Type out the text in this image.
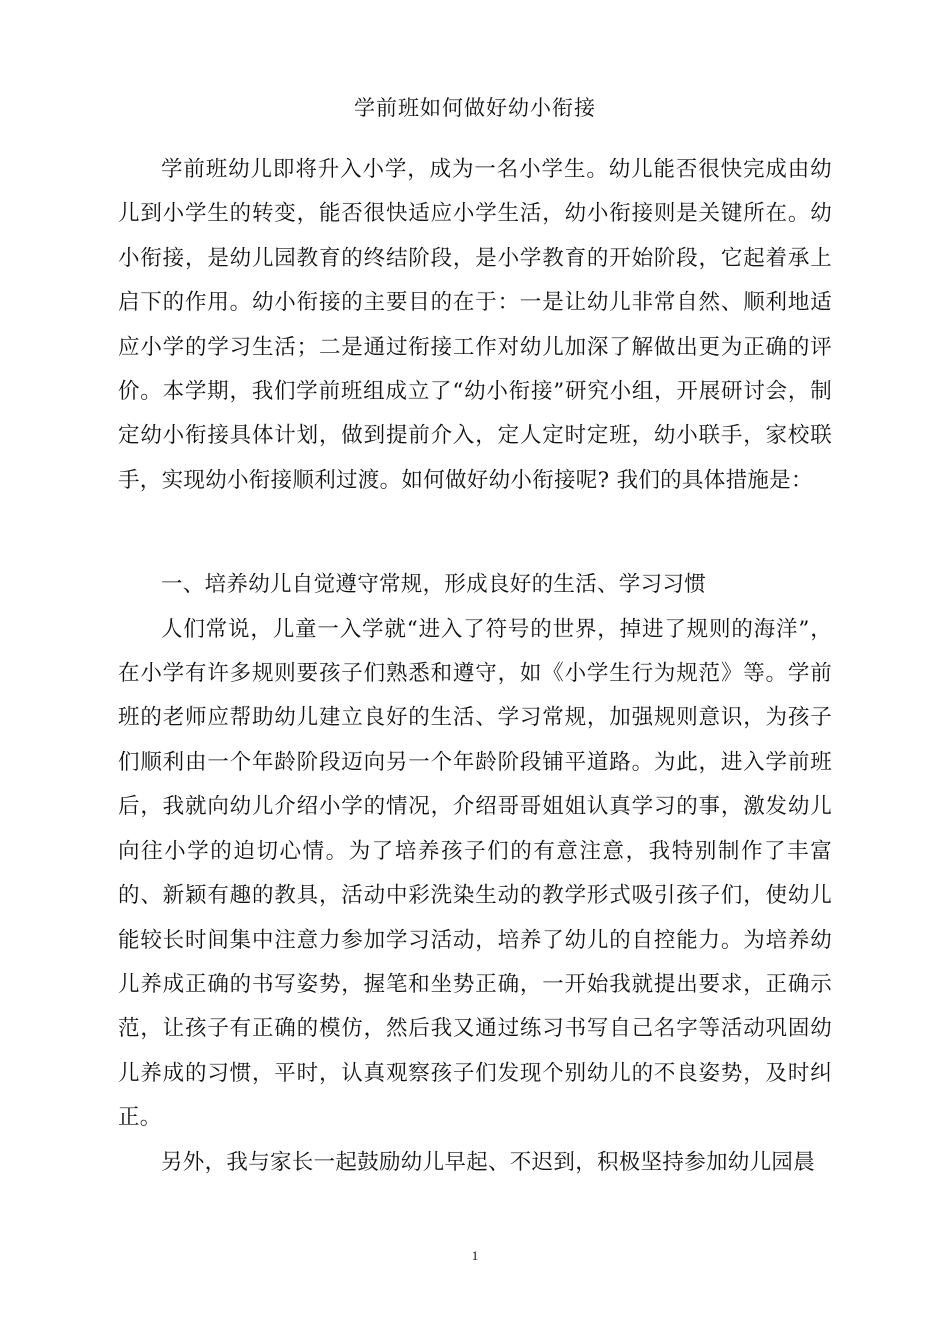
学前班如何做好幼小衔接

学前班幼儿即将升入小学，成为一名小学生。幼儿能否很快完成由幼儿到小学生的转变，能否很快适应小学生活，幼小衔接则是关键所在。幼小衔接，是幼儿园教育的终结阶段，是小学教育的开始阶段，它起着承上启下的作用。幼小衔接的主要目的在于：一是让幼儿非常自然、顺利地适应小学的学习生活；二是通过衔接工作对幼儿加深了解做出更为正确的评价。本学期，我们学前班组成立了“幼小衔接”研究小组，开展研讨会，制定幼小衔接具体计划，做到提前介入，定人定时定班，幼小联手，家校联手，实现幼小衔接顺利过渡。如何做好幼小衔接呢? 我们的具体措施是：

一、培养幼儿自觉遵守常规，形成良好的生活、学习习惯

人们常说，儿童一入学就“进入了符号的世界，掉进了规则的海洋”，在小学有许多规则要孩子们熟悉和遵守，如《小学生行为规范》等。学前班的老师应帮助幼儿建立良好的生活、学习常规，加强规则意识，为孩子们顺利由一个年龄阶段迈向另一个年龄阶段铺平道路。为此，进入学前班后，我就向幼儿介绍小学的情况，介绍哥哥姐姐认真学习的事，激发幼儿向往小学的迫切心情。为了培养孩子们的有意注意，我特别制作了丰富的、新颖有趣的教具，活动中彩洗染生动的教学形式吸引孩子们，使幼儿能较长时间集中注意力参加学习活动，培养了幼儿的自控能力。为培养幼儿养成正确的书写姿势，握笔和坐势正确，一开始我就提出要求，正确示范，让孩子有正确的模仿，然后我又通过练习书写自己名字等活动巩固幼儿养成的习惯，平时，认真观察孩子们发现个别幼儿的不良姿势，及时纠正。

另外，我与家长一起鼓励幼儿早起、不迟到，积极坚持参加幼儿园晨

1
